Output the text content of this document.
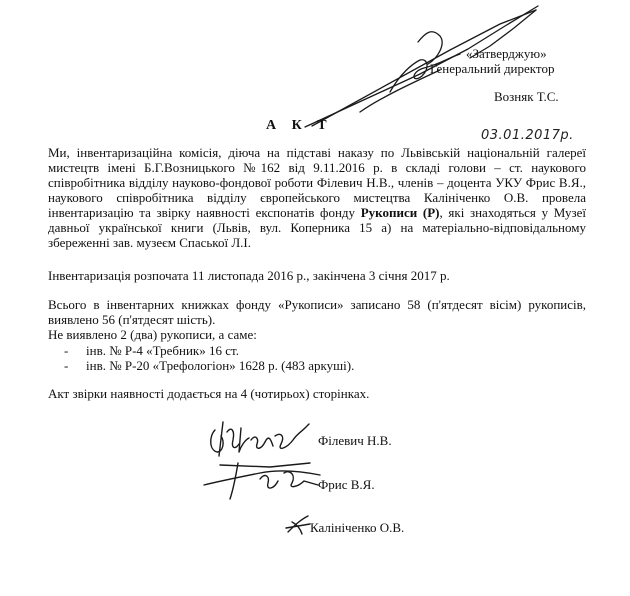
«Затверджую»
Генеральний директор
Возняк Т.С.
А К Т
03.01.2017р.
Ми, інвентаризаційна комісія, діюча на підставі наказу по Львівській національній галереї мистецтв імені Б.Г.Возницького №162 від 9.11.2016 р. в складі голови – ст. наукового співробітника відділу науково-фондової роботи Філевич Н.В., членів – доцента УКУ Фрис В.Я., наукового співробітника відділу європейського мистецтва Калініченко О.В. провела інвентаризацію та звірку наявності експонатів фонду Рукописи (Р), які знаходяться у Музеї давньої української книги (Львів, вул. Коперника 15 а) на матеріально-відповідальному збереженні зав. музеєм Спаської Л.І.
Інвентаризація розпочата 11 листопада 2016 р., закінчена 3 січня 2017 р.
Всього в інвентарних книжках фонду «Рукописи» записано 58 (п'ятдесят вісім) рукописів, виявлено 56 (п'ятдесят шість).
Не виявлено 2 (два) рукописи, а саме:
- інв. № Р-4 «Требник» 16 ст.
- інв. № Р-20 «Трефологіон» 1628 р. (483 аркуші).
Акт звірки наявності додається на 4 (чотирьох) сторінках.
Філевич Н.В.
Фрис В.Я.
Калініченко О.В.
